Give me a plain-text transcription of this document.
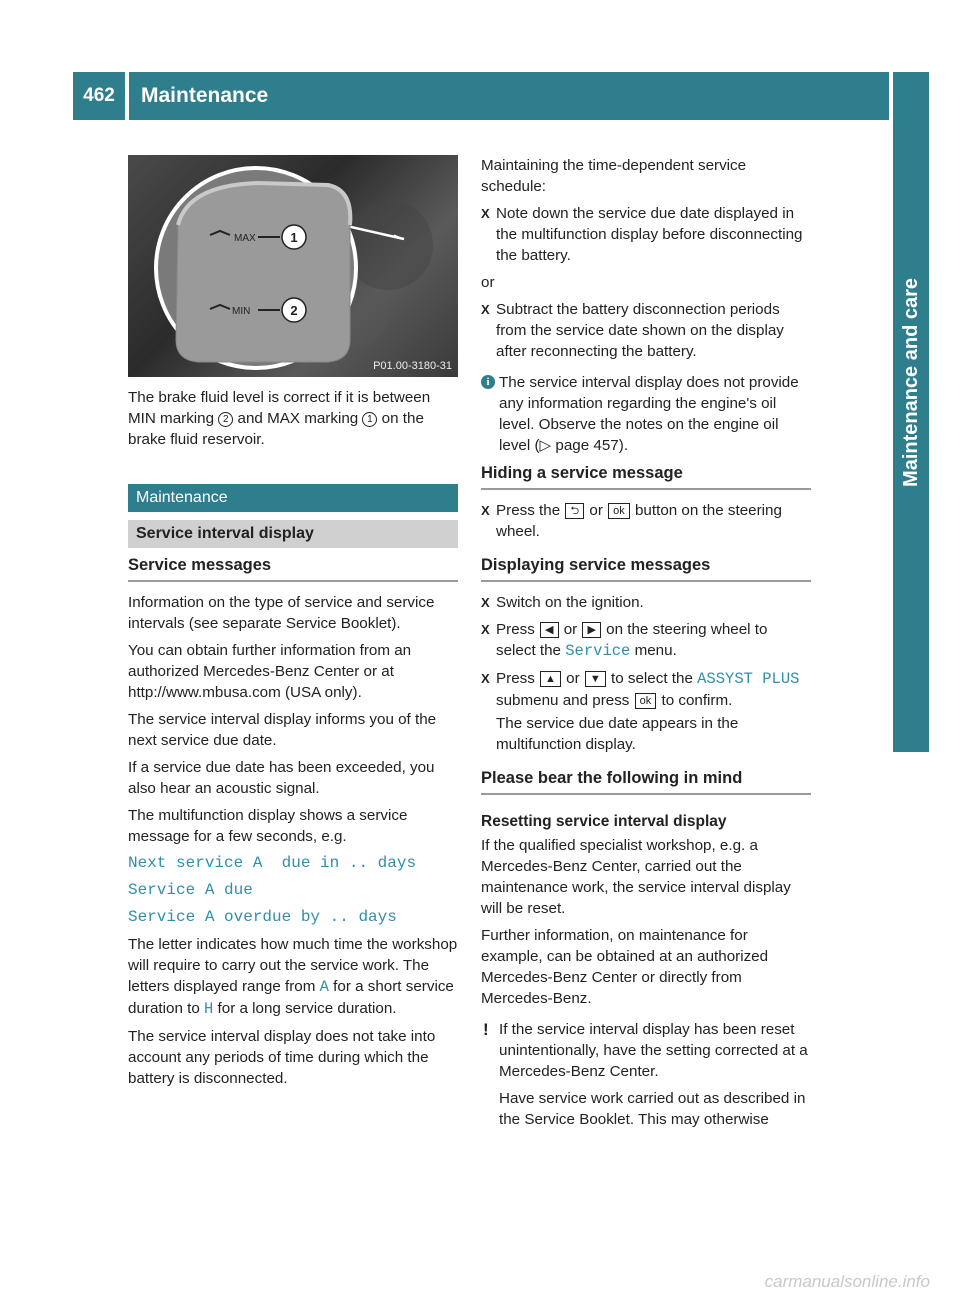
462	Maintenance
Maintenance and care
MAX
MIN
1
2
P01.00-3180-31

The brake fluid level is correct if it is between MIN marking 2 and MAX marking 1 on the brake fluid reservoir.

Maintenance
Service interval display
Service messages

Information on the type of service and service intervals (see separate Service Booklet).

You can obtain further information from an authorized Mercedes-Benz Center or at http://www.mbusa.com (USA only).

The service interval display informs you of the next service due date.

If a service due date has been exceeded, you also hear an acoustic signal.

The multifunction display shows a service message for a few seconds, e.g.

Next service A  due in .. days
Service A due
Service A overdue by .. days

The letter indicates how much time the workshop will require to carry out the service work. The letters displayed range from A for a short service duration to H for a long service duration.

The service interval display does not take into account any periods of time during which the battery is disconnected.

Maintaining the time-dependent service schedule:

X Note down the service due date displayed in the multifunction display before disconnecting the battery.

or

X Subtract the battery disconnection periods from the service date shown on the display after reconnecting the battery.
i The service interval display does not provide any information regarding the engine's oil level. Observe the notes on the engine oil level (▷ page 457).
Hiding a service message
X Press the ⮌ or ok button on the steering wheel.
Displaying service messages
X Switch on the ignition.
X Press ◀ or ▶ on the steering wheel to select the Service menu.
X Press ▲ or ▼ to select the ASSYST PLUS submenu and press ok to confirm.

The service due date appears in the multifunction display.

Please bear the following in mind
Resetting service interval display

If the qualified specialist workshop, e.g. a Mercedes-Benz Center, carried out the maintenance work, the service interval display will be reset.

Further information, on maintenance for example, can be obtained at an authorized Mercedes-Benz Center or directly from Mercedes-Benz.

! If the service interval display has been reset unintentionally, have the setting corrected at a Mercedes-Benz Center.

Have service work carried out as described in the Service Booklet. This may otherwise

carmanualsonline.info
